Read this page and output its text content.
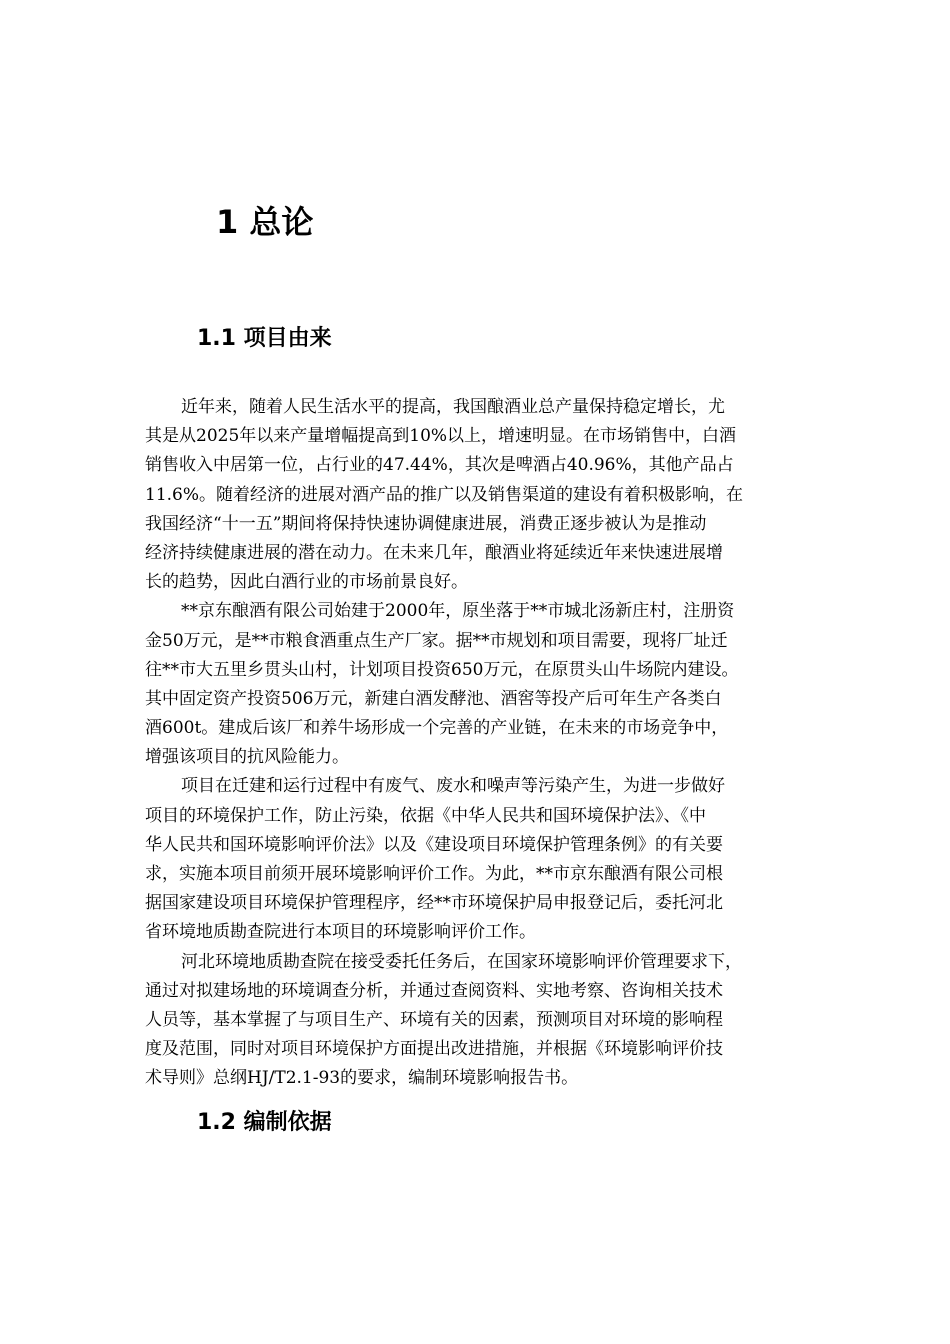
1 总论
1.1 项目由来
近年来，随着人民生活水平的提高，我国酿酒业总产量保持稳定增长，尤
其是从2025年以来产量增幅提高到10%以上，增速明显。在市场销售中，白酒
销售收入中居第一位，占行业的47.44%，其次是啤酒占40.96%，其他产品占
11.6%。随着经济的进展对酒产品的推广以及销售渠道的建设有着积极影响，在
我国经济“十一五”期间将保持快速协调健康进展，消费正逐步被认为是推动
经济持续健康进展的潜在动力。在未来几年，酿酒业将延续近年来快速进展增
长的趋势，因此白酒行业的市场前景良好。
**京东酿酒有限公司始建于2000年，原坐落于**市城北汤新庄村，注册资
金50万元，是**市粮食酒重点生产厂家。据**市规划和项目需要，现将厂址迁
往**市大五里乡贯头山村，计划项目投资650万元，在原贯头山牛场院内建设。
其中固定资产投资506万元，新建白酒发酵池、酒窖等投产后可年生产各类白
酒600t。建成后该厂和养牛场形成一个完善的产业链，在未来的市场竞争中，
增强该项目的抗风险能力。
项目在迁建和运行过程中有废气、废水和噪声等污染产生，为进一步做好
项目的环境保护工作，防止污染，依据《中华人民共和国环境保护法》、《中
华人民共和国环境影响评价法》以及《建设项目环境保护管理条例》的有关要
求，实施本项目前须开展环境影响评价工作。为此，**市京东酿酒有限公司根
据国家建设项目环境保护管理程序，经**市环境保护局申报登记后，委托河北
省环境地质勘查院进行本项目的环境影响评价工作。
河北环境地质勘查院在接受委托任务后，在国家环境影响评价管理要求下，
通过对拟建场地的环境调查分析，并通过查阅资料、实地考察、咨询相关技术
人员等，基本掌握了与项目生产、环境有关的因素，预测项目对环境的影响程
度及范围，同时对项目环境保护方面提出改进措施，并根据《环境影响评价技
术导则》总纲HJ/T2.1-93的要求，编制环境影响报告书。
1.2 编制依据
